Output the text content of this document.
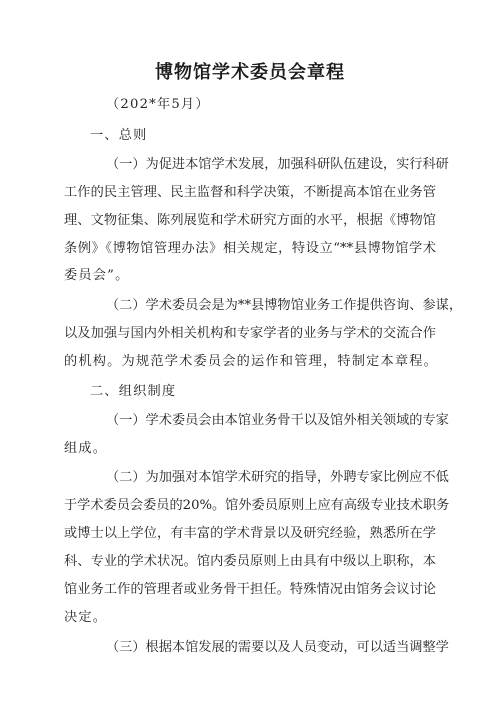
博物馆学术委员会章程
（202*年5月）
一、总则
（一）为促进本馆学术发展，加强科研队伍建设，实行科研
工作的民主管理、民主监督和科学决策，不断提高本馆在业务管
理、文物征集、陈列展览和学术研究方面的水平，根据《博物馆
条例》《博物馆管理办法》相关规定，特设立“**县博物馆学术
委员会”。
（二）学术委员会是为**县博物馆业务工作提供咨询、参谋，
以及加强与国内外相关机构和专家学者的业务与学术的交流合作
的机构。为规范学术委员会的运作和管理，特制定本章程。
二、组织制度
（一）学术委员会由本馆业务骨干以及馆外相关领域的专家
组成。
（二）为加强对本馆学术研究的指导，外聘专家比例应不低
于学术委员会委员的20%。馆外委员原则上应有高级专业技术职务
或博士以上学位，有丰富的学术背景以及研究经验，熟悉所在学
科、专业的学术状况。馆内委员原则上由具有中级以上职称，本
馆业务工作的管理者或业务骨干担任。特殊情况由馆务会议讨论
决定。
（三）根据本馆发展的需要以及人员变动，可以适当调整学
